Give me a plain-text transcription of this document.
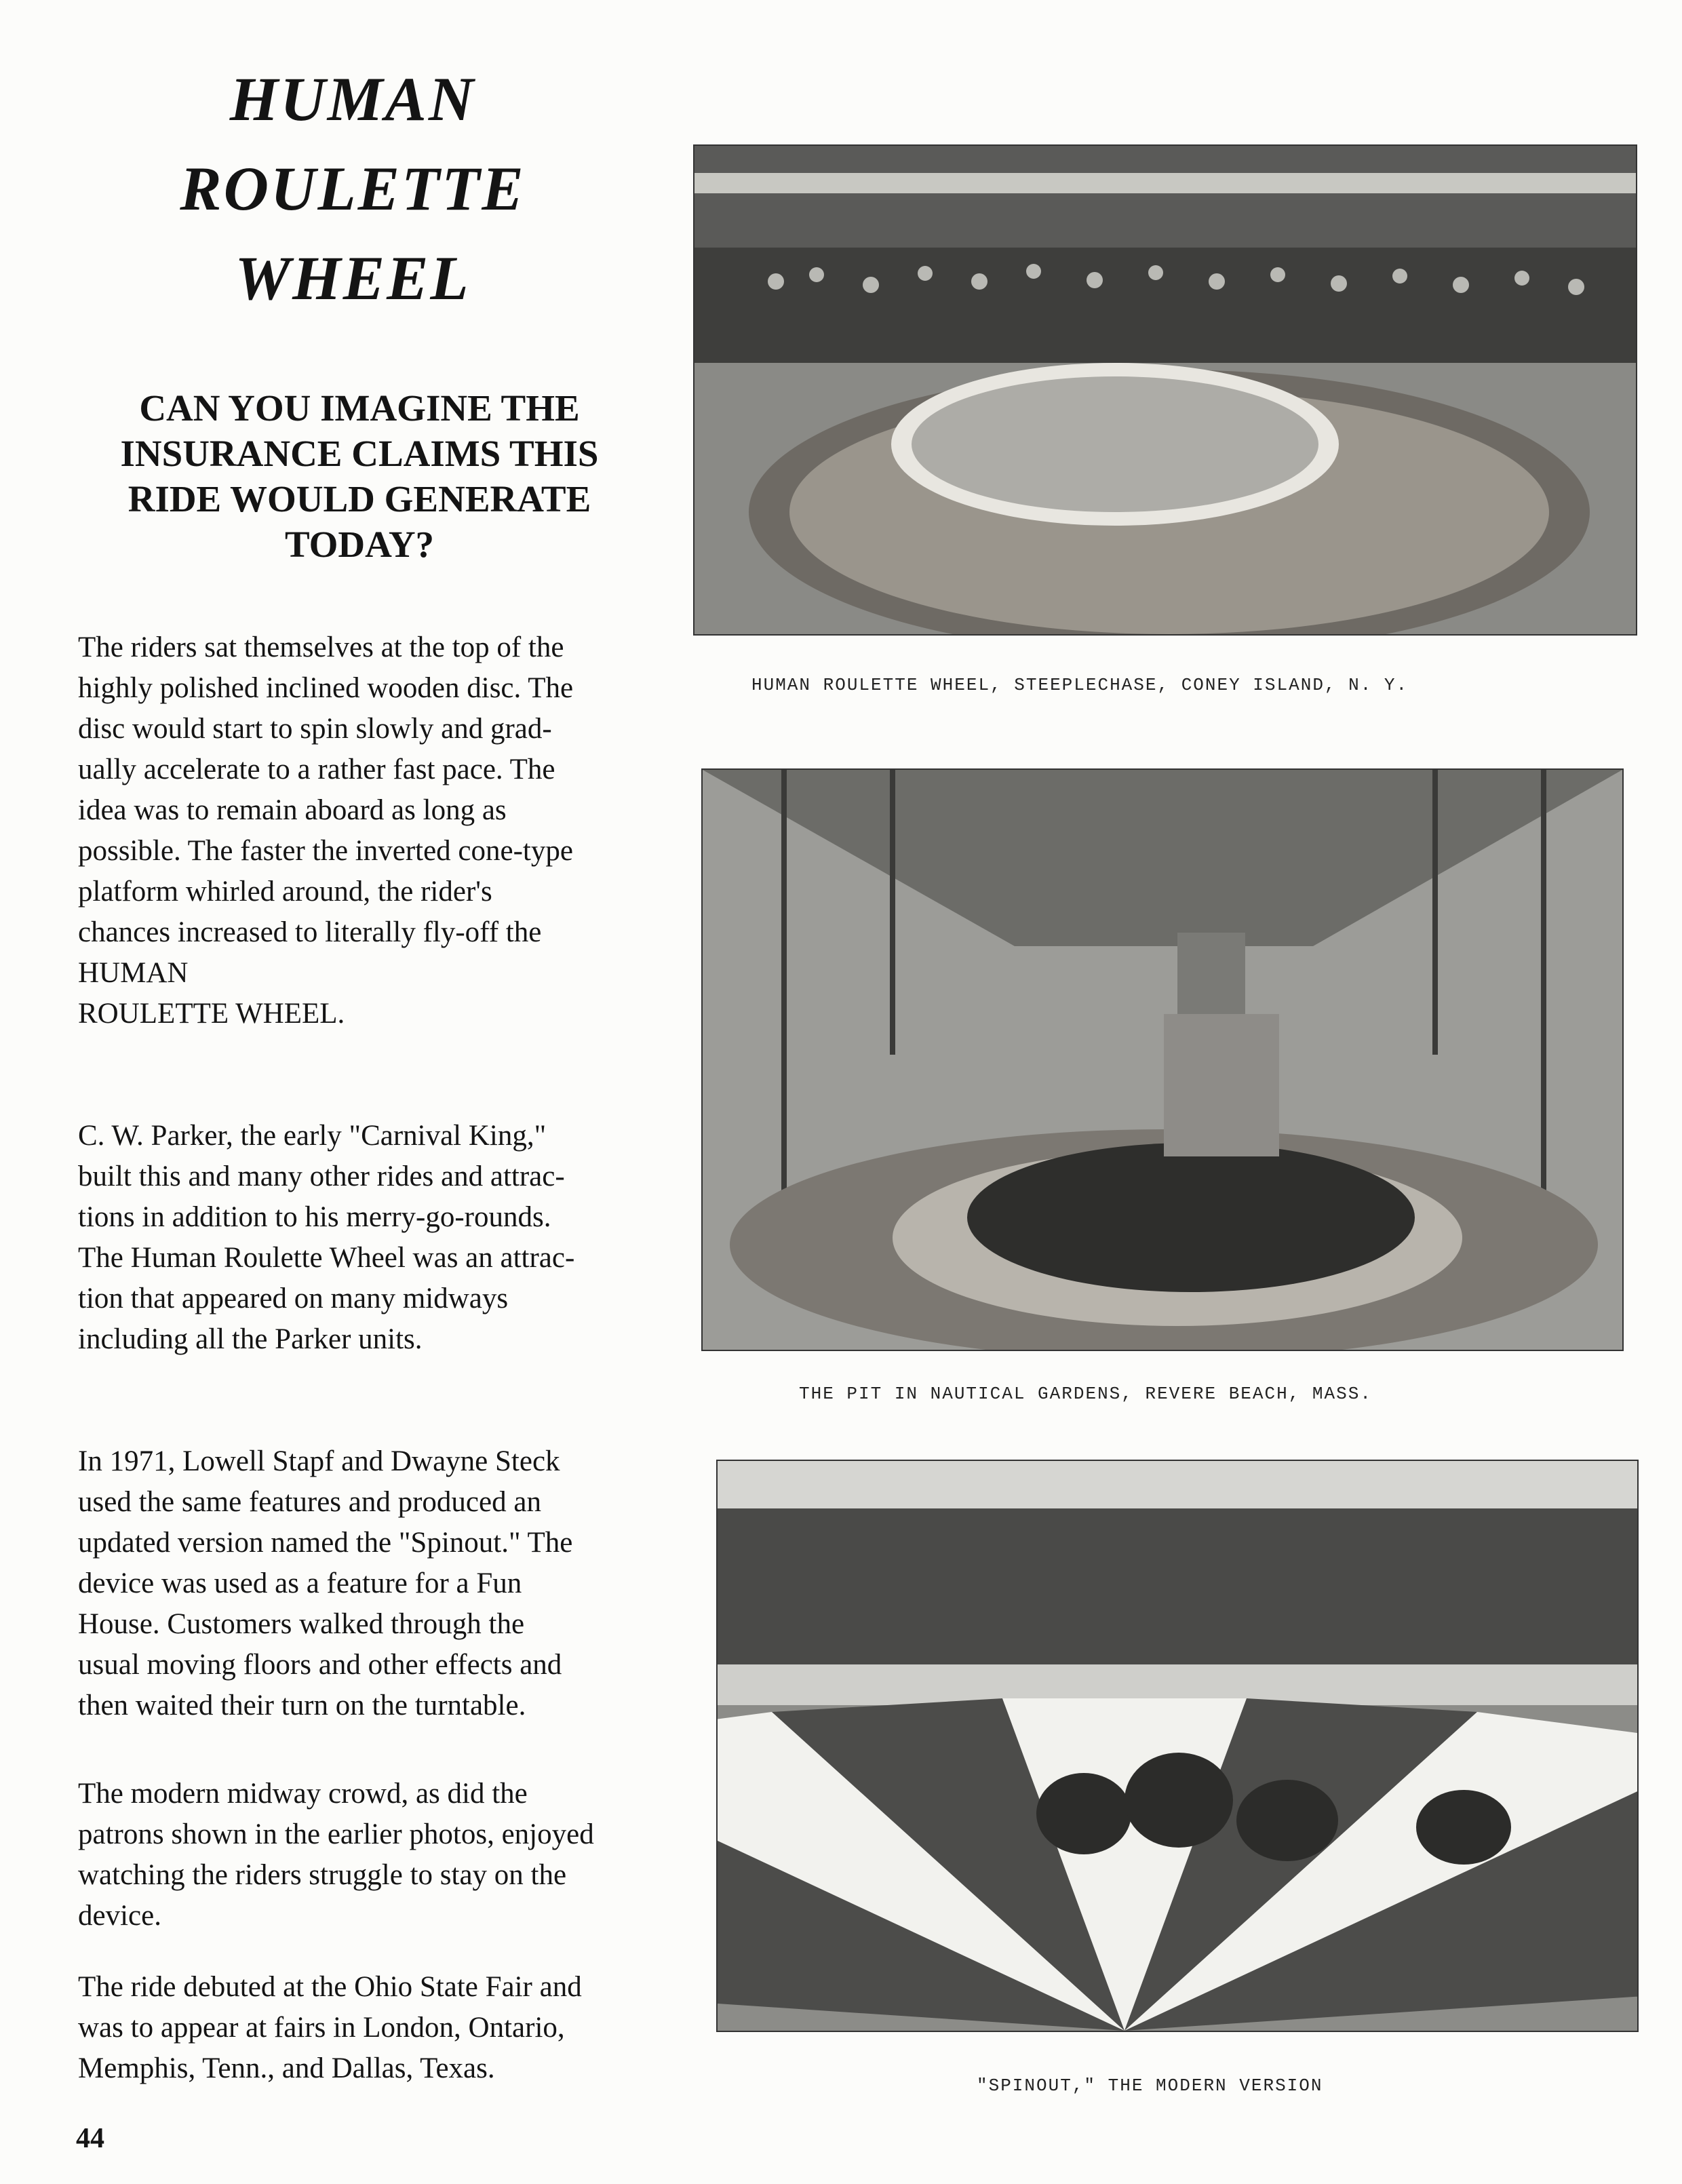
HUMAN
ROULETTE
WHEEL
CAN YOU IMAGINE THE
INSURANCE CLAIMS THIS
RIDE WOULD GENERATE
TODAY?
The riders sat themselves at the top of the
highly polished inclined wooden disc. The
disc would start to spin slowly and grad-
ually accelerate to a rather fast pace. The
idea was to remain aboard as long as
possible. The faster the inverted cone-type
platform whirled around, the rider's
chances increased to literally fly-off the
HUMAN
ROULETTE WHEEL.
C. W. Parker, the early "Carnival King,"
built this and many other rides and attrac-
tions in addition to his merry-go-rounds.
The Human Roulette Wheel was an attrac-
tion that appeared on many midways
including all the Parker units.
In 1971, Lowell Stapf and Dwayne Steck
used the same features and produced an
updated version named the "Spinout." The
device was used as a feature for a Fun
House. Customers walked through the
usual moving floors and other effects and
then waited their turn on the turntable.
The modern midway crowd, as did the
patrons shown in the earlier photos, enjoyed
watching the riders struggle to stay on the
device.
The ride debuted at the Ohio State Fair and
was to appear at fairs in London, Ontario,
Memphis, Tenn., and Dallas, Texas.
44
HUMAN ROULETTE WHEEL, STEEPLECHASE, CONEY ISLAND, N. Y.
THE PIT IN NAUTICAL GARDENS, REVERE BEACH, MASS.
"SPINOUT," THE MODERN VERSION
